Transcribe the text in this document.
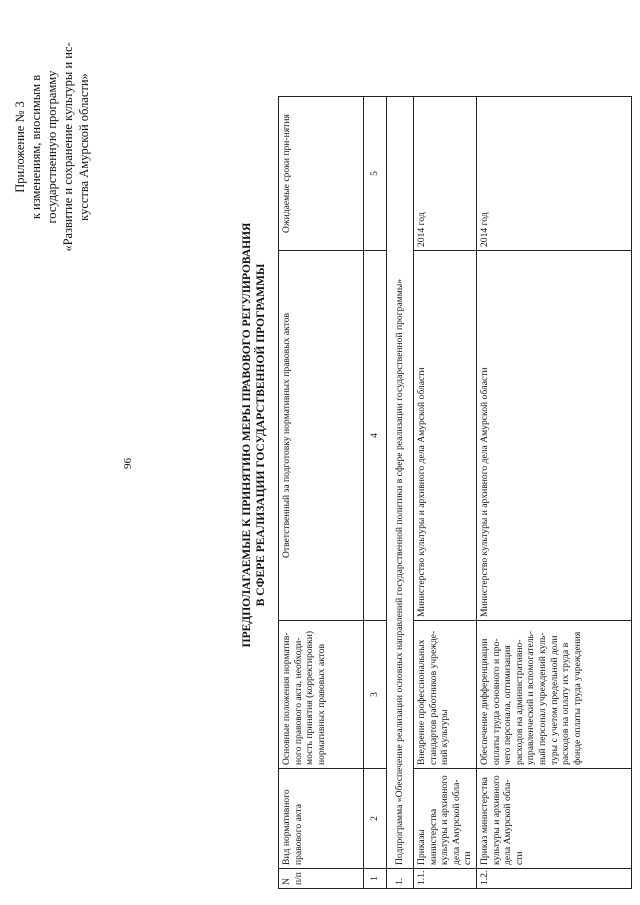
96
Приложение № 3 к изменениям, вносимым в государственную программу «Развитие и сохранение культуры и ис- кусства Амурской области»
ПРЕДПОЛАГАЕМЫЕ К ПРИНЯТИЮ МЕРЫ ПРАВОВОГО РЕГУЛИРОВАНИЯ В СФЕРЕ РЕАЛИЗАЦИИ ГОСУДАРСТВЕННОЙ ПРОГРАММЫ
N п/п	Вид нормативного правового акта	Основные положения норматив-ного правового акта, необходи-мость принятия (корректировки) нормативных правовых актов	Ответственный за подготовку нормативных правовых актов	Ожидаемые сроки при-нятия
1	2	3	4	5
1.	Подпрограмма «Обеспечение реализации основных направлений государственной политики в сфере реализации государственной программы»			
1.1.	Приказы министерства культуры и архивного дела Амурской обла-сти	Внедрение профессиональных стандартов работников учрежде-ний культуры	Министерство культуры и архивного дела Амурской области	2014 год
1.2.	Приказ министерства культуры и архивного дела Амурской обла-сти	Обеспечение дифференциации оплаты труда основного и про-чего персонала, оптимизация расходов на административно-управленческий и вспомогатель-ный персонал учреждений куль-туры с учетом предельной доли расходов на оплату их труда в фонде оплаты труда учреждения	Министерство культуры и архивного дела Амурской области	2014 год
